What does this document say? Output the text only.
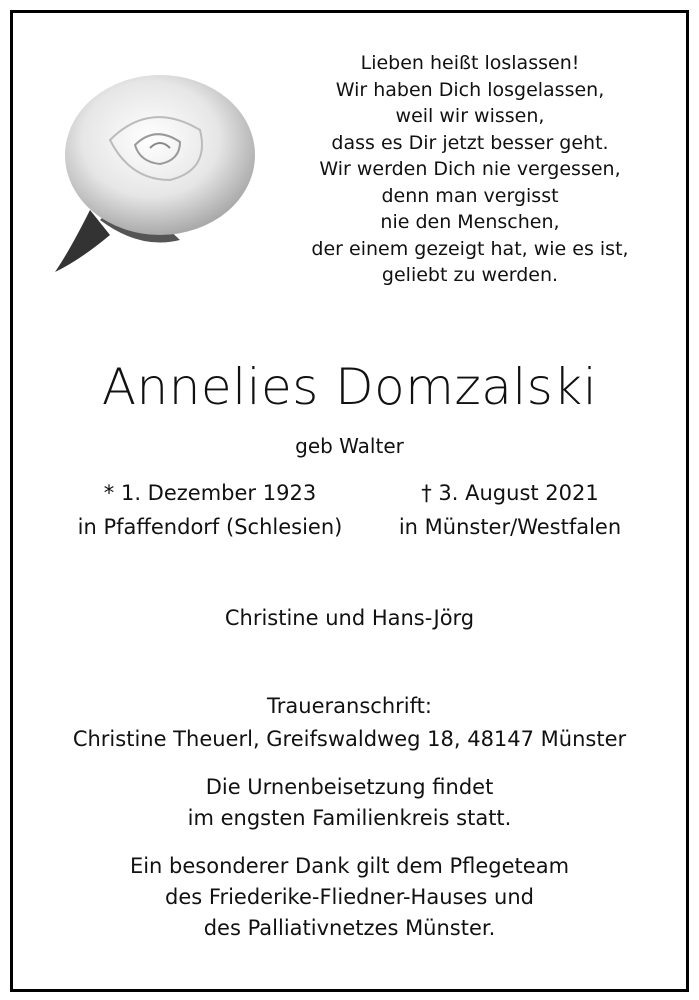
Lieben heißt loslassen!
Wir haben Dich losgelassen,
weil wir wissen,
dass es Dir jetzt besser geht.
Wir werden Dich nie vergessen,
denn man vergisst
nie den Menschen,
der einem gezeigt hat, wie es ist,
geliebt zu werden.
Annelies Domzalski
geb Walter
* 1. Dezember 1923
in Pfaffendorf (Schlesien)
† 3. August 2021
in Münster/Westfalen
Christine und Hans-Jörg
Traueranschrift:
Christine Theuerl, Greifswaldweg 18, 48147 Münster
Die Urnenbeisetzung findet
im engsten Familienkreis statt.
Ein besonderer Dank gilt dem Pflegeteam
des Friederike-Fliedner-Hauses und
des Palliativnetzes Münster.
